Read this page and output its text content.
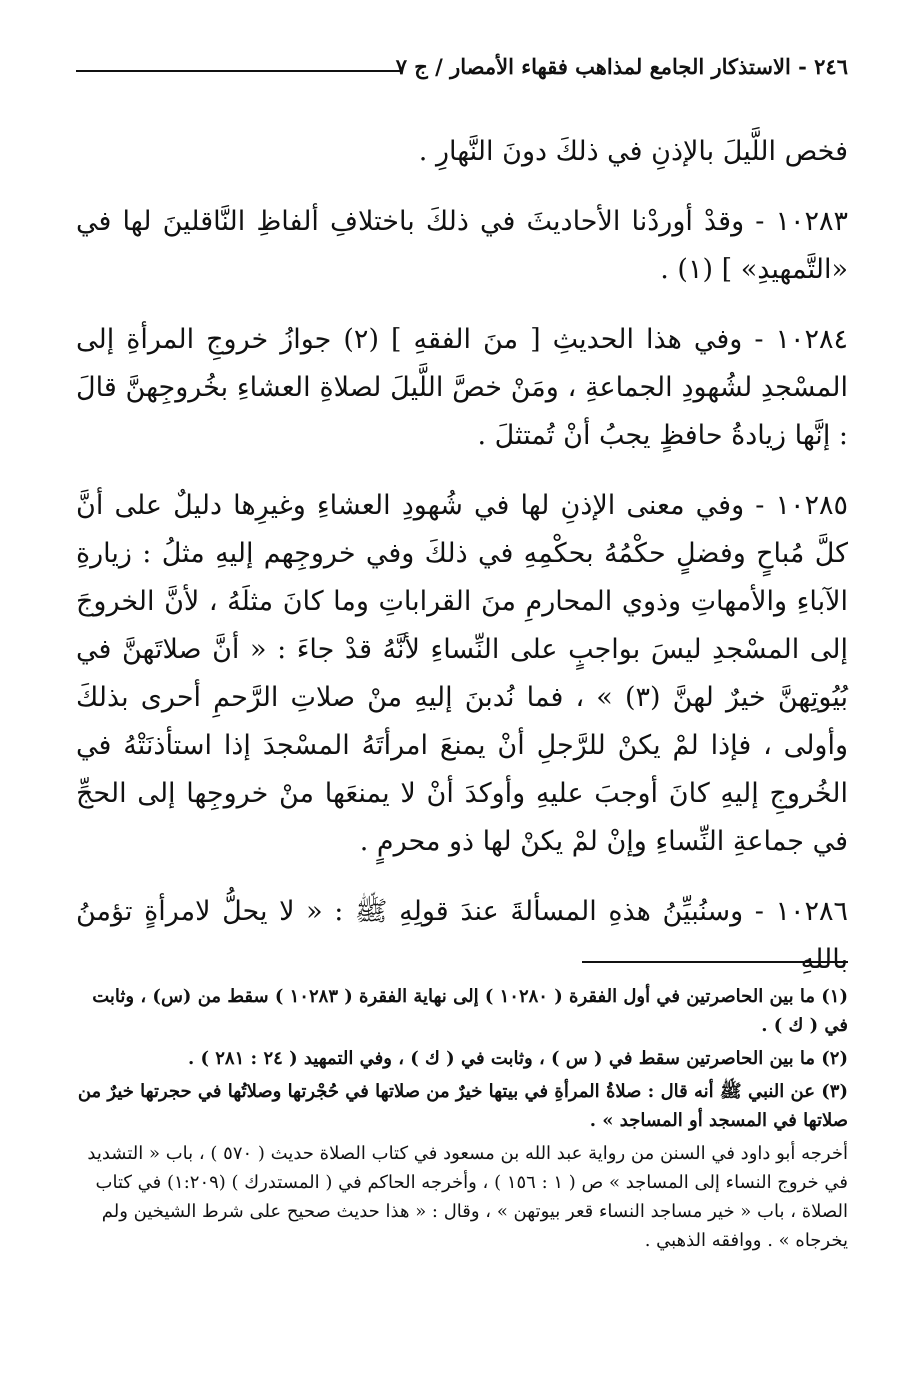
٢٤٦ - الاستذكار الجامع لمذاهب فقهاء الأمصار / ج ٧

فخص اللَّيلَ بالإذنِ في ذلكَ دونَ النَّهارِ .

١٠٢٨٣ - وقدْ أوردْنا الأحاديثَ في ذلكَ باختلافِ ألفاظِ النَّاقلينَ لها في «التَّمهيدِ» ] (١) .

١٠٢٨٤ - وفي هذا الحديثِ [ منَ الفقهِ ] (٢) جوازُ خروجِ المرأةِ إلى المسْجدِ لشُهودِ الجماعةِ ، ومَنْ خصَّ اللَّيلَ لصلاةِ العشاءِ بخُروجِهنَّ قالَ : إنَّها زيادةُ حافظٍ يجبُ أنْ تُمتثلَ .

١٠٢٨٥ - وفي معنى الإذنِ لها في شُهودِ العشاءِ وغيرِها دليلٌ على أنَّ كلَّ مُباحٍ وفضلٍ حكْمُهُ بحكْمِهِ في ذلكَ وفي خروجِهم إليهِ مثلُ : زيارةِ الآباءِ والأمهاتِ وذوي المحارمِ منَ القراباتِ وما كانَ مثلَهُ ، لأنَّ الخروجَ إلى المسْجدِ ليسَ بواجبٍ على النِّساءِ لأنَّهُ قدْ جاءَ : « أنَّ صلاتَهنَّ في بُيُوتِهنَّ خيرٌ لهنَّ (٣) » ، فما نُدبنَ إليهِ منْ صلاتِ الرَّحمِ أحرى بذلكَ وأولى ، فإذا لمْ يكنْ للرَّجلِ أنْ يمنعَ امرأتَهُ المسْجدَ إذا استأذنَتْهُ في الخُروجِ إليهِ كانَ أوجبَ عليهِ وأوكدَ أنْ لا يمنعَها منْ خروجِها إلى الحجِّ في جماعةِ النِّساءِ وإنْ لمْ يكنْ لها ذو محرمٍ .

١٠٢٨٦ - وسنُبيِّنُ هذهِ المسألةَ عندَ قولِهِ ﷺ : « لا يحلُّ لامرأةٍ تؤمنُ باللهِ

(١) ما بين الحاصرتين في أول الفقرة ( ١٠٢٨٠ ) إلى نهاية الفقرة ( ١٠٢٨٣ ) سقط من (س) ، وثابت في ( ك ) .
(٢) ما بين الحاصرتين سقط في ( س ) ، وثابت في ( ك ) ، وفي التمهيد ( ٢٤ : ٢٨١ ) .
(٣) عن النبي ﷺ أنه قال : صلاةُ المرأةِ في بيتها خيرٌ من صلاتها في حُجْرتها وصلاتُها في حجرتها خيرٌ من صلاتها في المسجد أو المساجد » .
أخرجه أبو داود في السنن من رواية عبد الله بن مسعود في كتاب الصلاة حديث ( ٥٧٠ ) ، باب « التشديد في خروج النساء إلى المساجد » ص ( ١ : ١٥٦ ) ، وأخرجه الحاكم في ( المستدرك ) (١:٢٠٩) في كتاب الصلاة ، باب « خير مساجد النساء قعر بيوتهن » ، وقال : « هذا حديث صحيح على شرط الشيخين ولم يخرجاه » . ووافقه الذهبي .
